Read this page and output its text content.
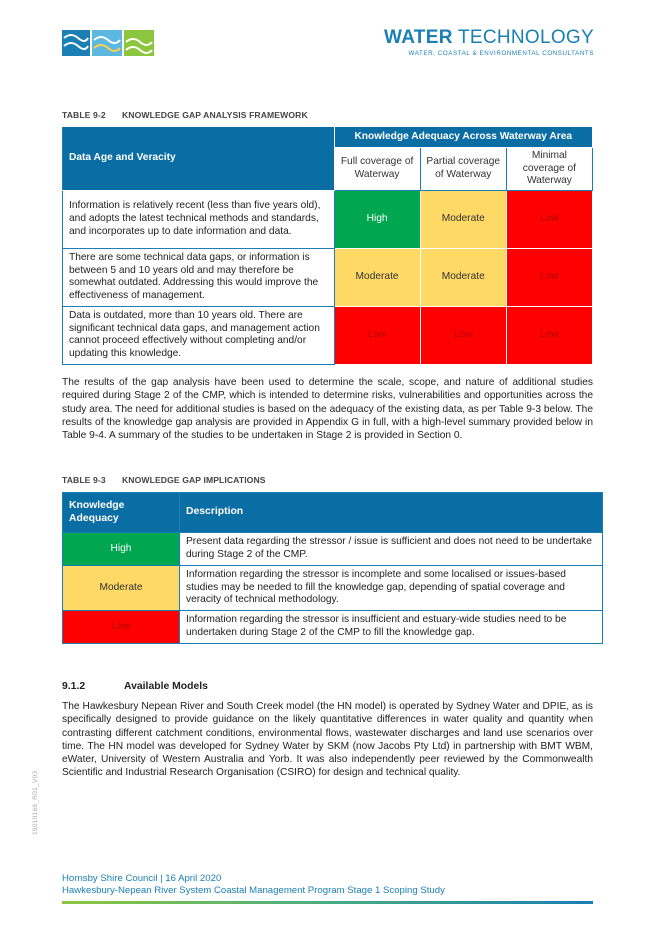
WATER TECHNOLOGY
WATER, COASTAL & ENVIRONMENTAL CONSULTANTS
TABLE 9-2 KNOWLEDGE GAP ANALYSIS FRAMEWORK
Data Age and Veracity	Knowledge Adequacy Across Waterway Area		
	Full coverage of Waterway	Partial coverage of Waterway	Minimal coverage of Waterway
Information is relatively recent (less than five years old), and adopts the latest technical methods and standards, and incorporates up to date information and data.	High	Moderate	Low
There are some technical data gaps, or information is between 5 and 10 years old and may therefore be somewhat outdated. Addressing this would improve the effectiveness of management.	Moderate	Moderate	Low
Data is outdated, more than 10 years old. There are significant technical data gaps, and management action cannot proceed effectively without completing and/or updating this knowledge.	Low	Low	Low

The results of the gap analysis have been used to determine the scale, scope, and nature of additional studies required during Stage 2 of the CMP, which is intended to determine risks, vulnerabilities and opportunities across the study area. The need for additional studies is based on the adequacy of the existing data, as per Table 9-3 below. The results of the knowledge gap analysis are provided in Appendix G in full, with a high-level summary provided below in Table 9-4. A summary of the studies to be undertaken in Stage 2 is provided in Section 0.

TABLE 9-3 KNOWLEDGE GAP IMPLICATIONS
Knowledge Adequacy	Description
High	Present data regarding the stressor / issue is sufficient and does not need to be undertake during Stage 2 of the CMP.
Moderate	Information regarding the stressor is incomplete and some localised or issues-based studies may be needed to fill the knowledge gap, depending of spatial coverage and veracity of technical methodology.
Low	Information regarding the stressor is insufficient and estuary-wide studies need to be undertaken during Stage 2 of the CMP to fill the knowledge gap.
9.1.2	Available Models

The Hawkesbury Nepean River and South Creek model (the HN model) is operated by Sydney Water and DPIE, as is specifically designed to provide guidance on the likely quantitative differences in water quality and quantity when contrasting different catchment conditions, environmental flows, wastewater discharges and land use scenarios over time. The HN model was developed for Sydney Water by SKM (now Jacobs Pty Ltd) in partnership with BMT WBM, eWater, University of Western Australia and Yorb. It was also independently peer reviewed by the Commonwealth Scientific and Industrial Research Organisation (CSIRO) for design and technical quality.

19010166_R01_V03
Hornsby Shire Council | 16 April 2020
Hawkesbury-Nepean River System Coastal Management Program Stage 1 Scoping Study
